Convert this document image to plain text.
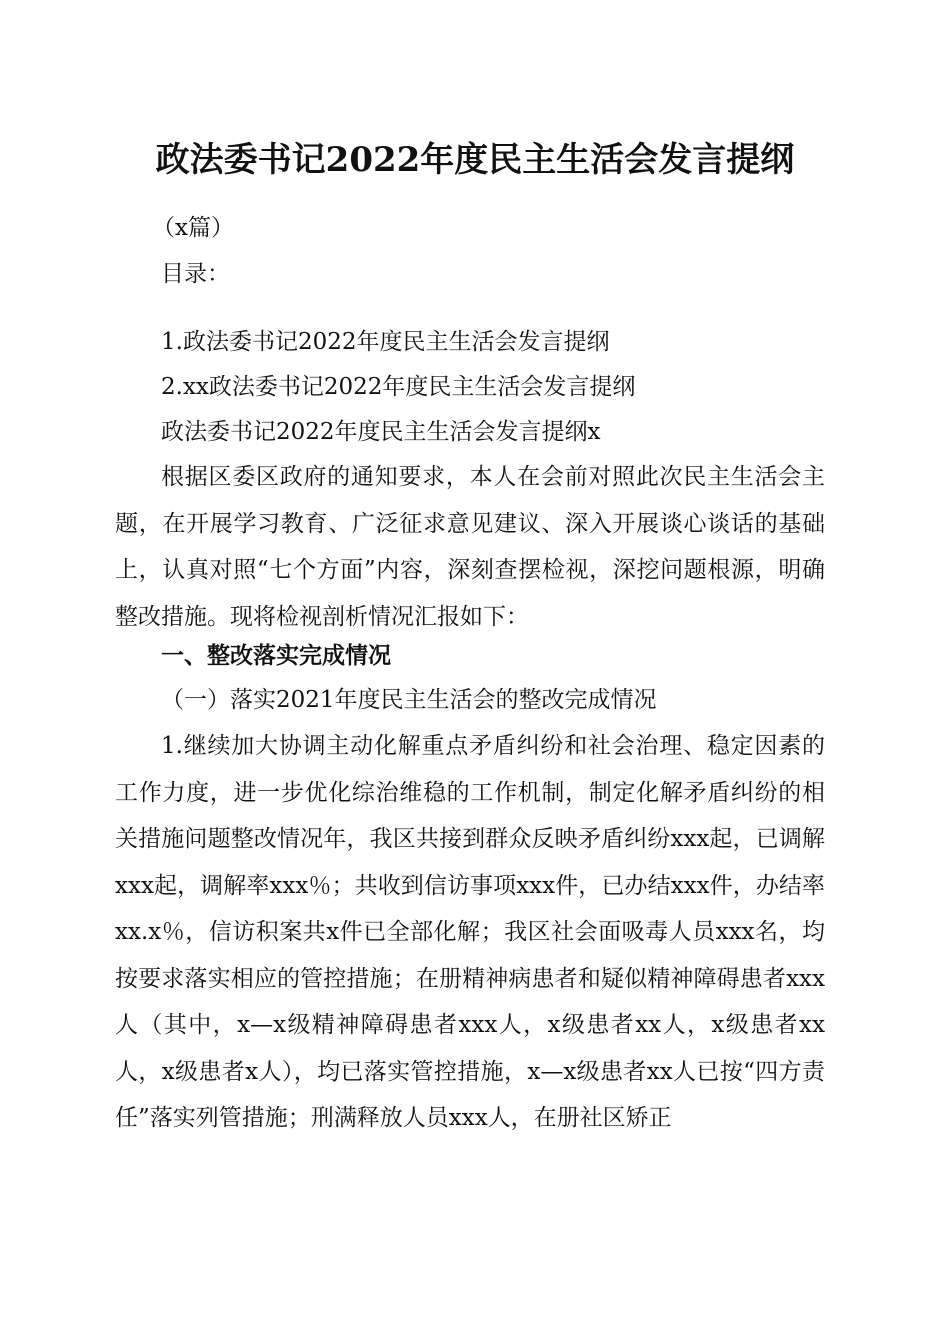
政法委书记2022年度民主生活会发言提纲

（x篇）

目录：

1.政法委书记2022年度民主生活会发言提纲

2.xx政法委书记2022年度民主生活会发言提纲

政法委书记2022年度民主生活会发言提纲x

根据区委区政府的通知要求，本人在会前对照此次民主生活会主题，在开展学习教育、广泛征求意见建议、深入开展谈心谈话的基础上，认真对照“七个方面”内容，深刻查摆检视，深挖问题根源，明确整改措施。现将检视剖析情况汇报如下：

一、整改落实完成情况

（一）落实2021年度民主生活会的整改完成情况

1.继续加大协调主动化解重点矛盾纠纷和社会治理、稳定因素的工作力度，进一步优化综治维稳的工作机制，制定化解矛盾纠纷的相关措施问题整改情况年，我区共接到群众反映矛盾纠纷xxx起，已调解xxx起，调解率xxx％；共收到信访事项xxx件，已办结xxx件，办结率xx.x％，信访积案共x件已全部化解；我区社会面吸毒人员xxx名，均按要求落实相应的管控措施；在册精神病患者和疑似精神障碍患者xxx人（其中，x—x级精神障碍患者xxx人，x级患者xx人，x级患者xx人，x级患者x人），均已落实管控措施，x—x级患者xx人已按“四方责任”落实列管措施；刑满释放人员xxx人，在册社区矫正
